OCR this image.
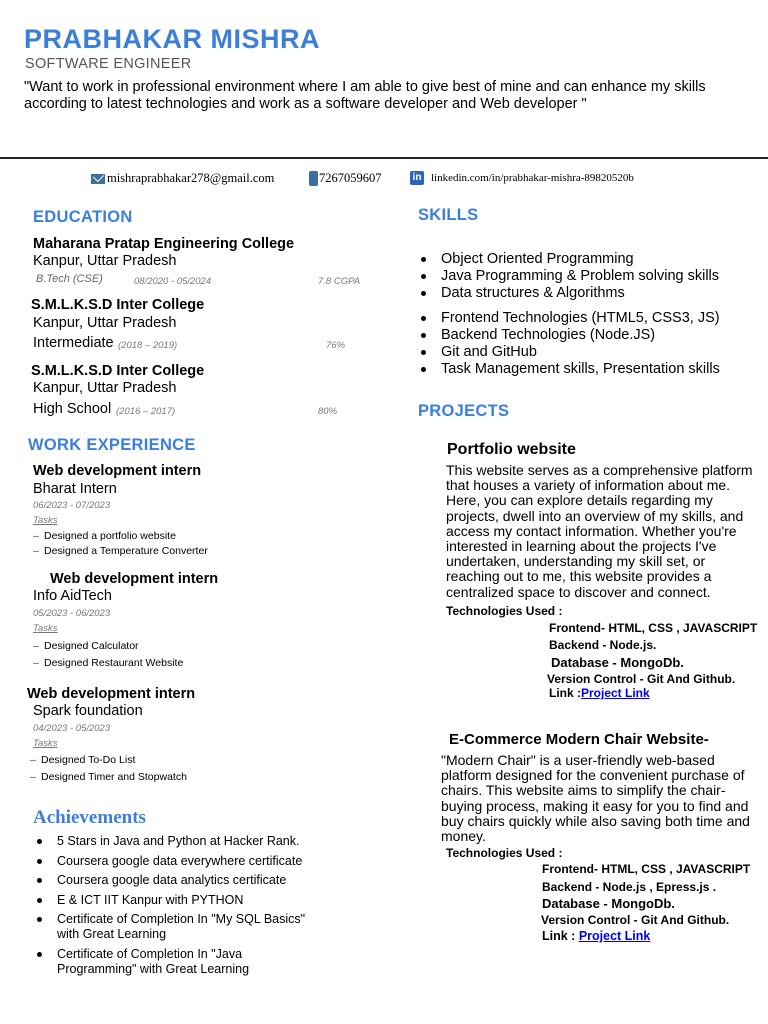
PRABHAKAR MISHRA
SOFTWARE ENGINEER
"Want to work in professional environment where I am able to give best of mine and can enhance my skills according to latest technologies and work as a software developer and Web developer "
mishraprabhakar278@gmail.com	7267059607	in linkedin.com/in/prabhakar-mishra-89820520b
EDUCATION
Maharana Pratap Engineering College
Kanpur, Uttar Pradesh
B.Tech (CSE)	08/2020 - 05/2024	7.8 CGPA
S.M.L.K.S.D Inter College
Kanpur, Uttar Pradesh
Intermediate (2018 – 2019)	76%
S.M.L.K.S.D Inter College
Kanpur, Uttar Pradesh
High School (2016 – 2017)	80%
WORK EXPERIENCE
Web development intern
Bharat Intern
06/2023 - 07/2023
Tasks
– Designed a portfolio website
– Designed a Temperature Converter
Web development intern
Info AidTech
05/2023 - 06/2023
Tasks
– Designed Calculator
– Designed Restaurant Website
Web development intern
Spark foundation
04/2023 - 05/2023
Tasks
– Designed To-Do List
– Designed Timer and Stopwatch
Achievements
5 Stars in Java and Python at Hacker Rank.
Coursera google data everywhere certificate
Coursera google data analytics certificate
E & ICT IIT Kanpur with PYTHON
Certificate of Completion In "My SQL Basics" with Great Learning
Certificate of Completion In "Java Programming" with Great Learning
SKILLS
Object Oriented Programming
Java Programming & Problem solving skills
Data structures & Algorithms
Frontend Technologies (HTML5, CSS3, JS)
Backend Technologies (Node.JS)
Git and GitHub
Task Management skills, Presentation skills
PROJECTS
Portfolio website
This website serves as a comprehensive platform that houses a variety of information about me. Here, you can explore details regarding my projects, dwell into an overview of my skills, and access my contact information. Whether you're interested in learning about the projects I've undertaken, understanding my skill set, or reaching out to me, this website provides a centralized space to discover and connect.
Technologies Used :
Frontend- HTML, CSS , JAVASCRIPT
Backend - Node.js.
Database - MongoDb.
Version Control - Git And Github.
Link :Project Link
E-Commerce Modern Chair Website-
"Modern Chair" is a user-friendly web-based platform designed for the convenient purchase of chairs. This website aims to simplify the chair-buying process, making it easy for you to find and buy chairs quickly while also saving both time and money.
Technologies Used :
Frontend- HTML, CSS , JAVASCRIPT
Backend - Node.js , Epress.js .
Database - MongoDb.
Version Control - Git And Github.
Link : Project Link
